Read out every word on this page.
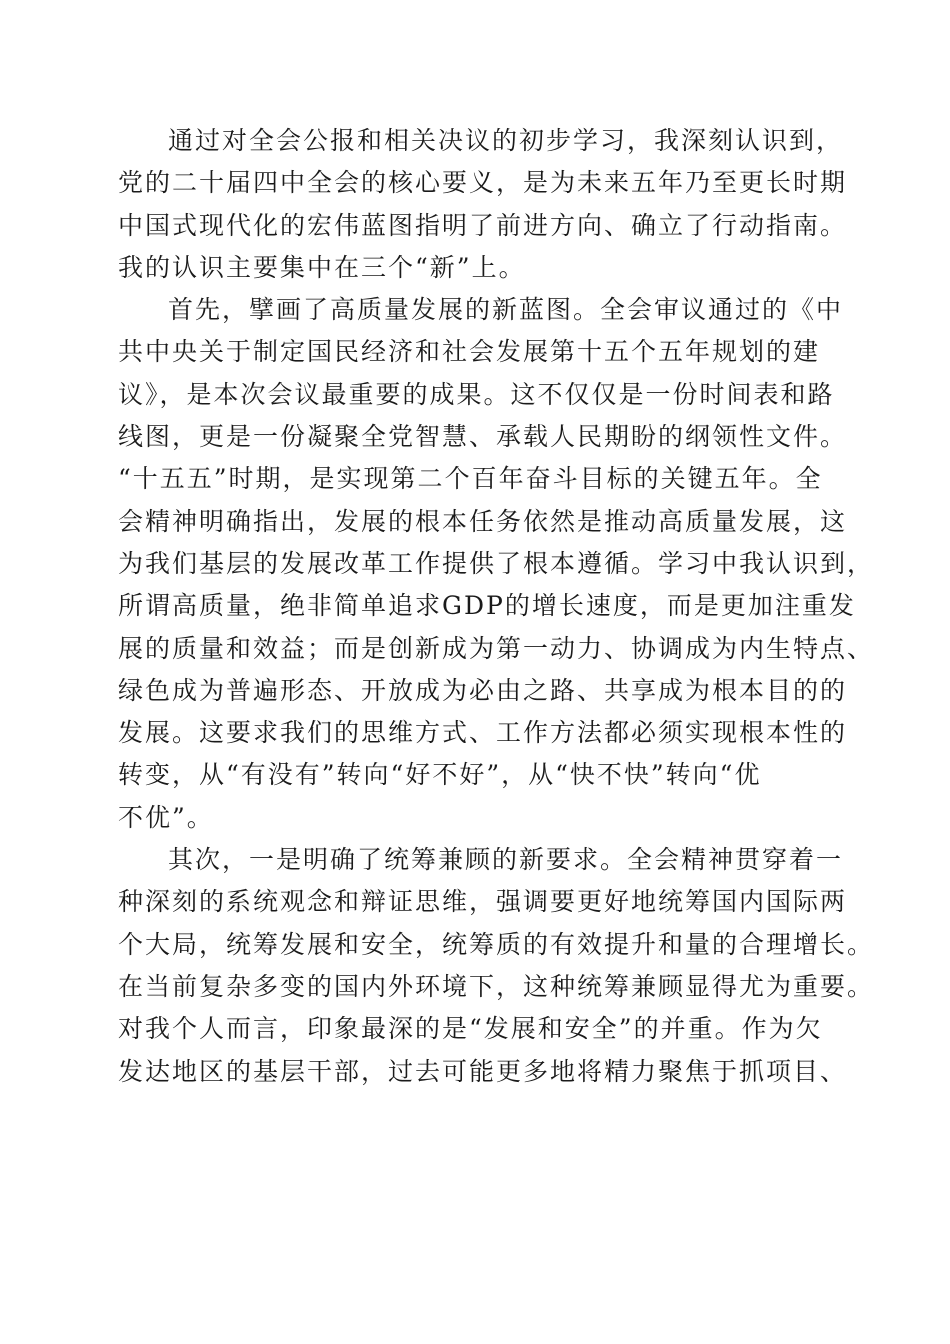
通过对全会公报和相关决议的初步学习，我深刻认识到，
党的二十届四中全会的核心要义，是为未来五年乃至更长时期
中国式现代化的宏伟蓝图指明了前进方向、确立了行动指南。
我的认识主要集中在三个“新”上。
首先，擘画了高质量发展的新蓝图。全会审议通过的《中
共中央关于制定国民经济和社会发展第十五个五年规划的建
议》，是本次会议最重要的成果。这不仅仅是一份时间表和路
线图，更是一份凝聚全党智慧、承载人民期盼的纲领性文件。
“十五五”时期，是实现第二个百年奋斗目标的关键五年。全
会精神明确指出，发展的根本任务依然是推动高质量发展，这
为我们基层的发展改革工作提供了根本遵循。学习中我认识到，
所谓高质量，绝非简单追求GDP的增长速度，而是更加注重发
展的质量和效益；而是创新成为第一动力、协调成为内生特点、
绿色成为普遍形态、开放成为必由之路、共享成为根本目的的
发展。这要求我们的思维方式、工作方法都必须实现根本性的
转变，从“有没有”转向“好不好”，从“快不快”转向“优
不优”。
其次，一是明确了统筹兼顾的新要求。全会精神贯穿着一
种深刻的系统观念和辩证思维，强调要更好地统筹国内国际两
个大局，统筹发展和安全，统筹质的有效提升和量的合理增长。
在当前复杂多变的国内外环境下，这种统筹兼顾显得尤为重要。
对我个人而言，印象最深的是“发展和安全”的并重。作为欠
发达地区的基层干部，过去可能更多地将精力聚焦于抓项目、
